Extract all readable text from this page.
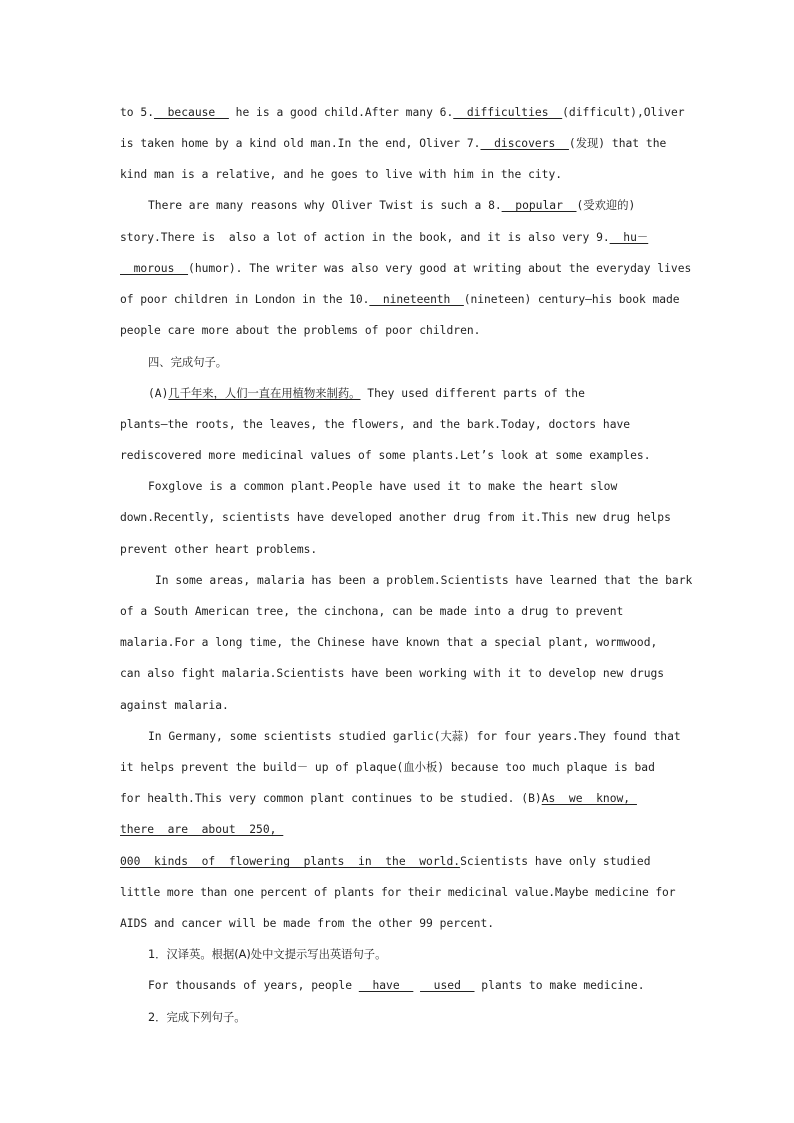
to 5.__because__ he is a good child.After many 6.__difficulties__(difficult),Oliver
is taken home by a kind old man.In the end, Oliver 7.__discovers__(发现) that the
kind man is a relative, and he goes to live with him in the city.
There are many reasons why Oliver Twist is such a 8.__popular__(受欢迎的)
story.There is  also a lot of action in the book, and it is also very 9.__hu－
__morous__(humor). The writer was also very good at writing about the everyday lives
of poor children in London in the 10.__nineteenth__(nineteen) century—his book made
people care more about the problems of poor children.
四、完成句子。
(A)几千年来，人们一直在用植物来制药。 They used different parts of the
plants—the roots, the leaves, the flowers, and the bark.Today, doctors have
rediscovered more medicinal values of some plants.Let’s look at some examples.
Foxglove is a common plant.People have used it to make the heart slow
down.Recently, scientists have developed another drug from it.This new drug helps
prevent other heart problems.
In some areas, malaria has been a problem.Scientists have learned that the bark
of a South American tree, the cinchona, can be made into a drug to prevent
malaria.For a long time, the Chinese have known that a special plant, wormwood,
can also fight malaria.Scientists have been working with it to develop new drugs
against malaria.
In Germany, some scientists studied garlic(大蒜) for four years.They found that
it helps prevent the build－ up of plaque(血小板) because too much plaque is bad
for health.This very common plant continues to be studied. (B)As__we__know,_
there__are__about__250,_
000__kinds__of__flowering__plants__in__the__world.Scientists have only studied
little more than one percent of plants for their medicinal value.Maybe medicine for
AIDS and cancer will be made from the other 99 percent.
1．汉译英。根据(A)处中文提示写出英语句子。
For thousands of years, people __have__ __used__ plants to make medicine.
2．完成下列句子。
